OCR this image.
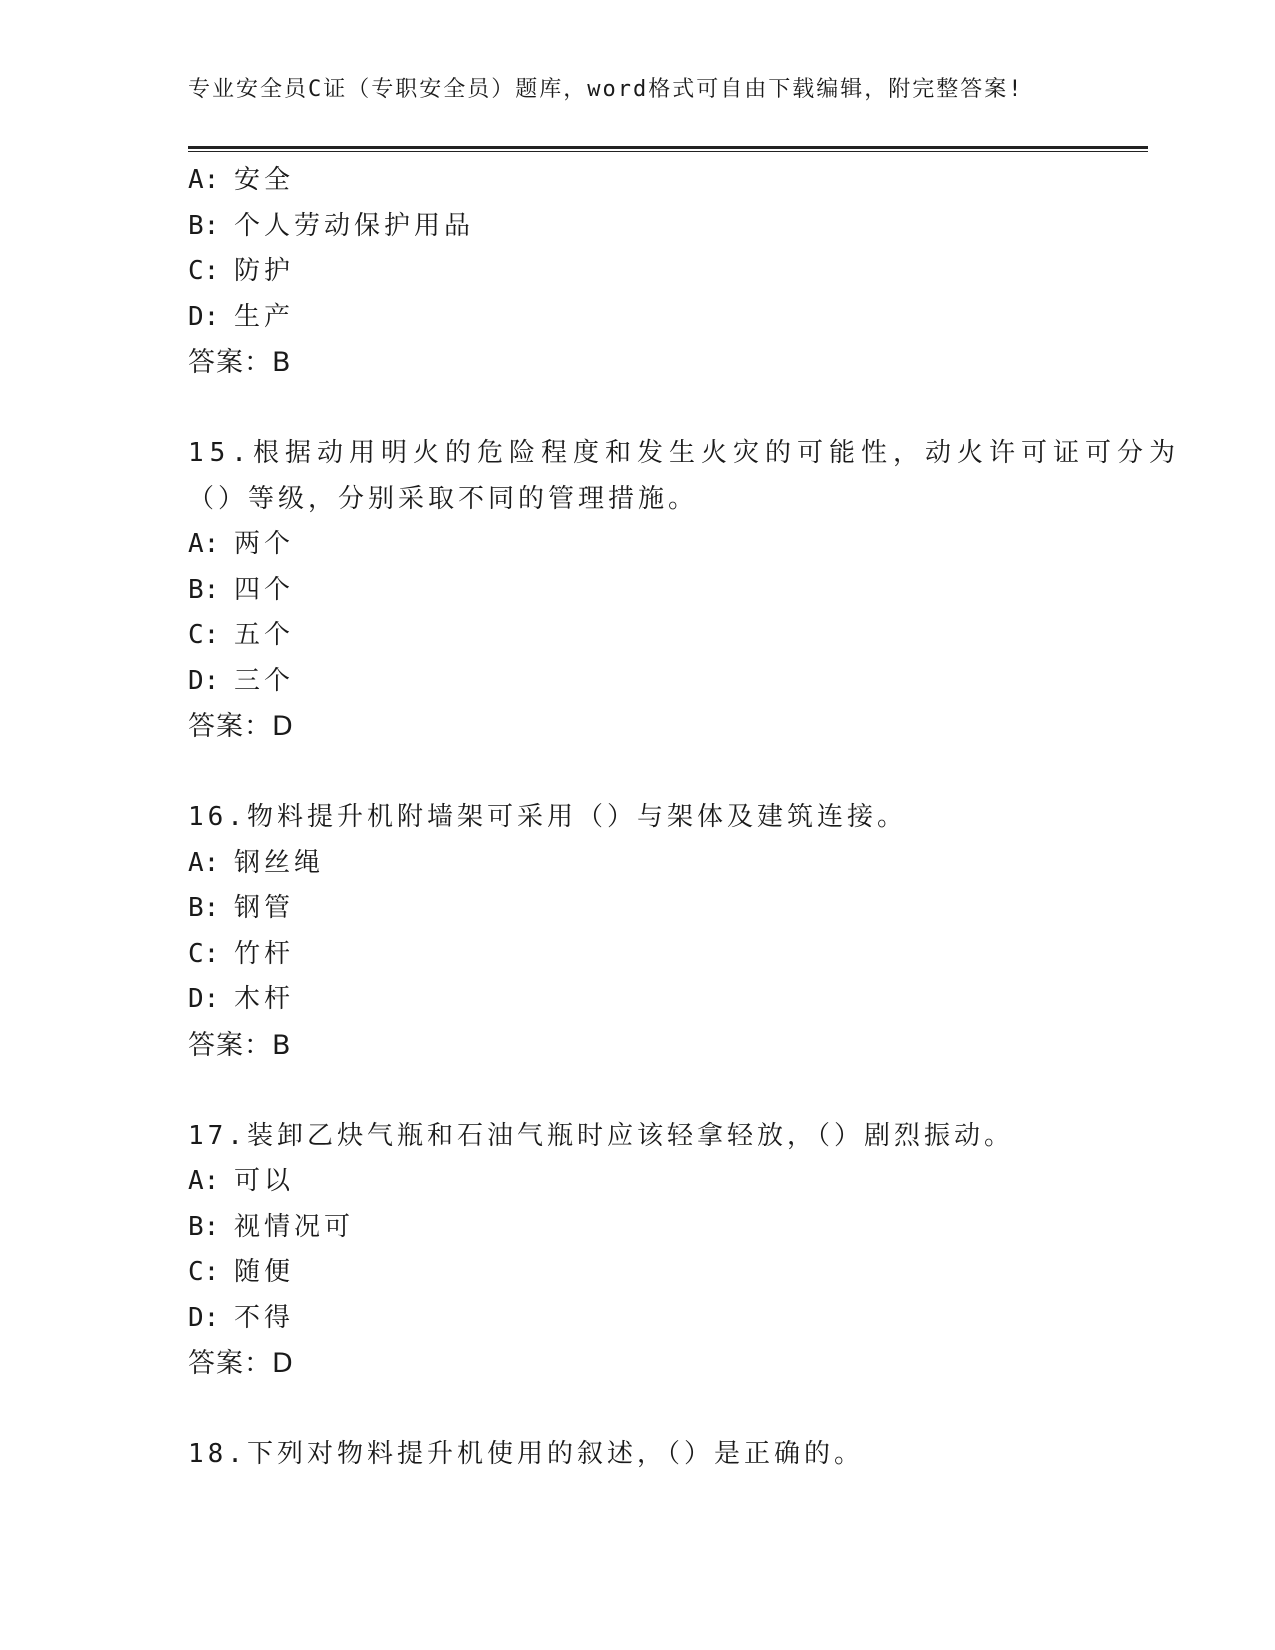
专业安全员C证（专职安全员）题库，word格式可自由下载编辑，附完整答案!
A: 安全
B: 个人劳动保护用品
C: 防护
D: 生产
答案：B
15.根据动用明火的危险程度和发生火灾的可能性，动火许可证可分为
（）等级，分别采取不同的管理措施。
A: 两个
B: 四个
C: 五个
D: 三个
答案：D
16.物料提升机附墙架可采用（）与架体及建筑连接。
A: 钢丝绳
B: 钢管
C: 竹杆
D: 木杆
答案：B
17.装卸乙炔气瓶和石油气瓶时应该轻拿轻放，（）剧烈振动。
A: 可以
B: 视情况可
C: 随便
D: 不得
答案：D
18.下列对物料提升机使用的叙述，（）是正确的。
